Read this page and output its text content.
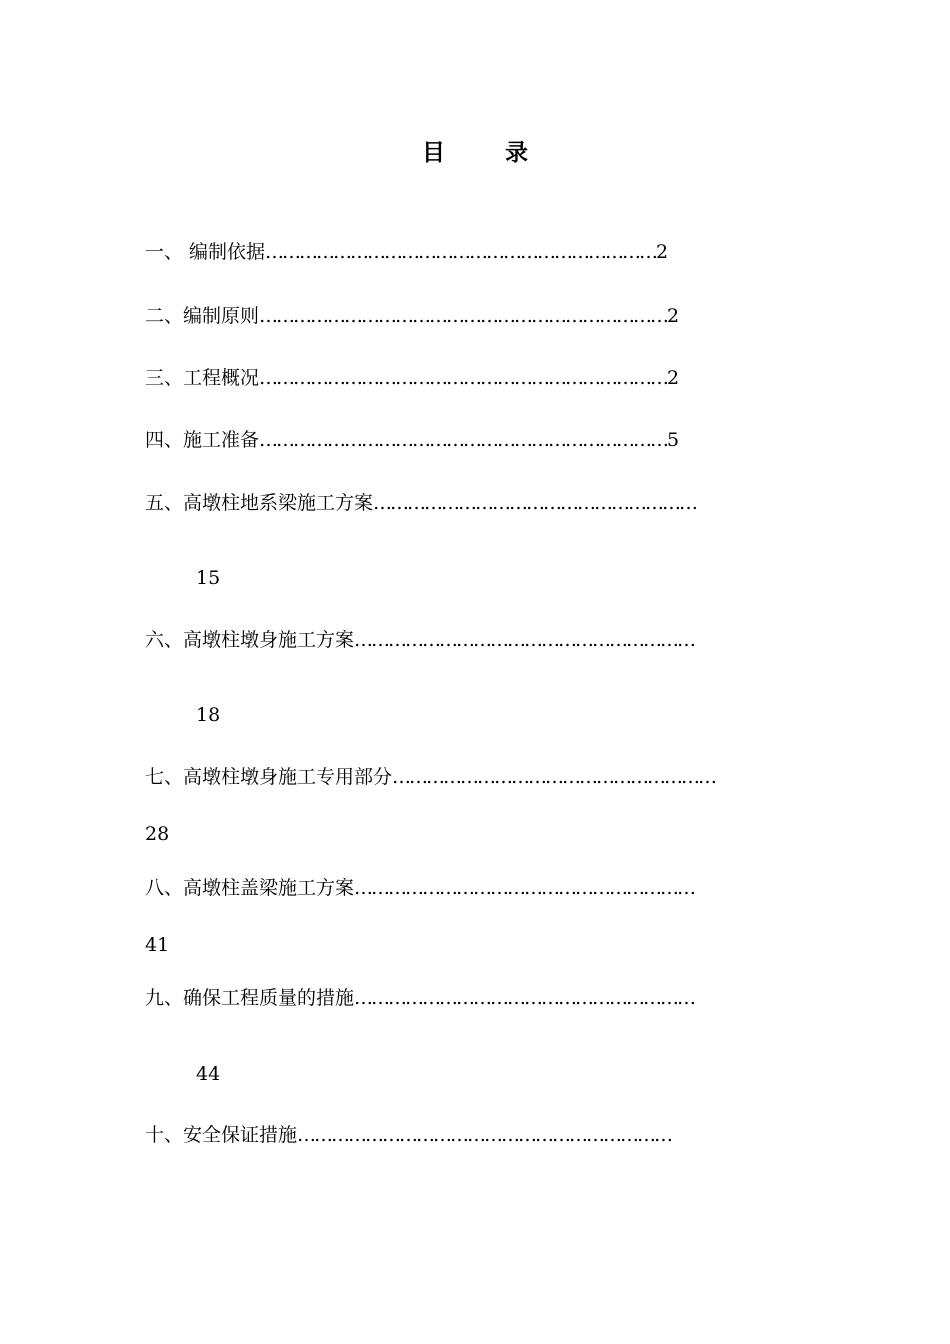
目 录
一、 编制依据……………………………………………………………2
二、编制原则………………………………………………………………2
三、工程概况………………………………………………………………2
四、施工准备………………………………………………………………5
五、高墩柱地系梁施工方案…………………………………………………
15
六、高墩柱墩身施工方案……………………………………………………
18
七、高墩柱墩身施工专用部分…………………………………………………
28
八、高墩柱盖梁施工方案……………………………………………………
41
九、确保工程质量的措施……………………………………………………
44
十、安全保证措施…………………………………………………………
